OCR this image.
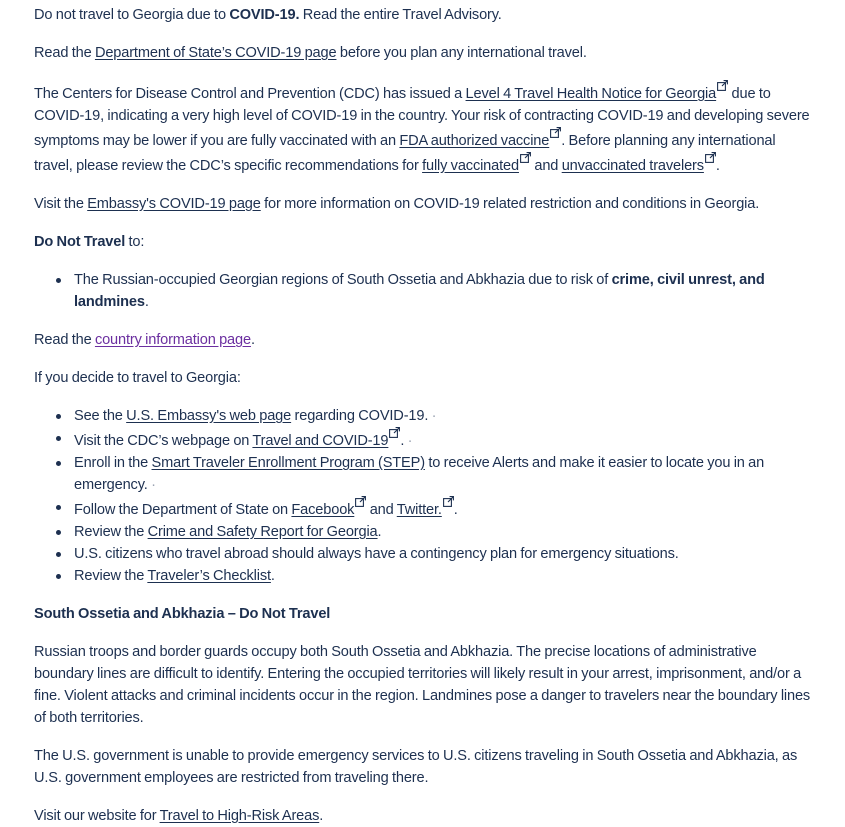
Do not travel to Georgia due to COVID-19. Read the entire Travel Advisory.

Read the Department of State’s COVID-19 page before you plan any international travel.

The Centers for Disease Control and Prevention (CDC) has issued a Level 4 Travel Health Notice for Georgia
due to COVID-19, indicating a very high level of COVID-19 in the country. Your risk of contracting COVID-19 and developing severe symptoms may be lower if you are fully vaccinated with an FDA authorized vaccine . Before planning any international travel, please review the CDC’s specific recommendations for fully vaccinated
and unvaccinated travelers .

Visit the Embassy's COVID-19 page for more information on COVID-19 related restriction and conditions in Georgia.

Do Not Travel to:

The Russian-occupied Georgian regions of South Ossetia and Abkhazia due to risk of crime, civil unrest, and landmines.

Read the country information page.

If you decide to travel to Georgia:

See the U.S. Embassy's web page regarding COVID-19. ·
Visit the CDC’s webpage on Travel and COVID-19 . ·
Enroll in the Smart Traveler Enrollment Program (STEP) to receive Alerts and make it easier to locate you in an emergency. ·
Follow the Department of State on Facebook
and Twitter. .
Review the Crime and Safety Report for Georgia.
U.S. citizens who travel abroad should always have a contingency plan for emergency situations.
Review the Traveler’s Checklist.

South Ossetia and Abkhazia – Do Not Travel

Russian troops and border guards occupy both South Ossetia and Abkhazia. The precise locations of administrative boundary lines are difficult to identify. Entering the occupied territories will likely result in your arrest, imprisonment, and/or a fine. Violent attacks and criminal incidents occur in the region. Landmines pose a danger to travelers near the boundary lines of both territories.

The U.S. government is unable to provide emergency services to U.S. citizens traveling in South Ossetia and Abkhazia, as U.S. government employees are restricted from traveling there.

Visit our website for Travel to High-Risk Areas.
